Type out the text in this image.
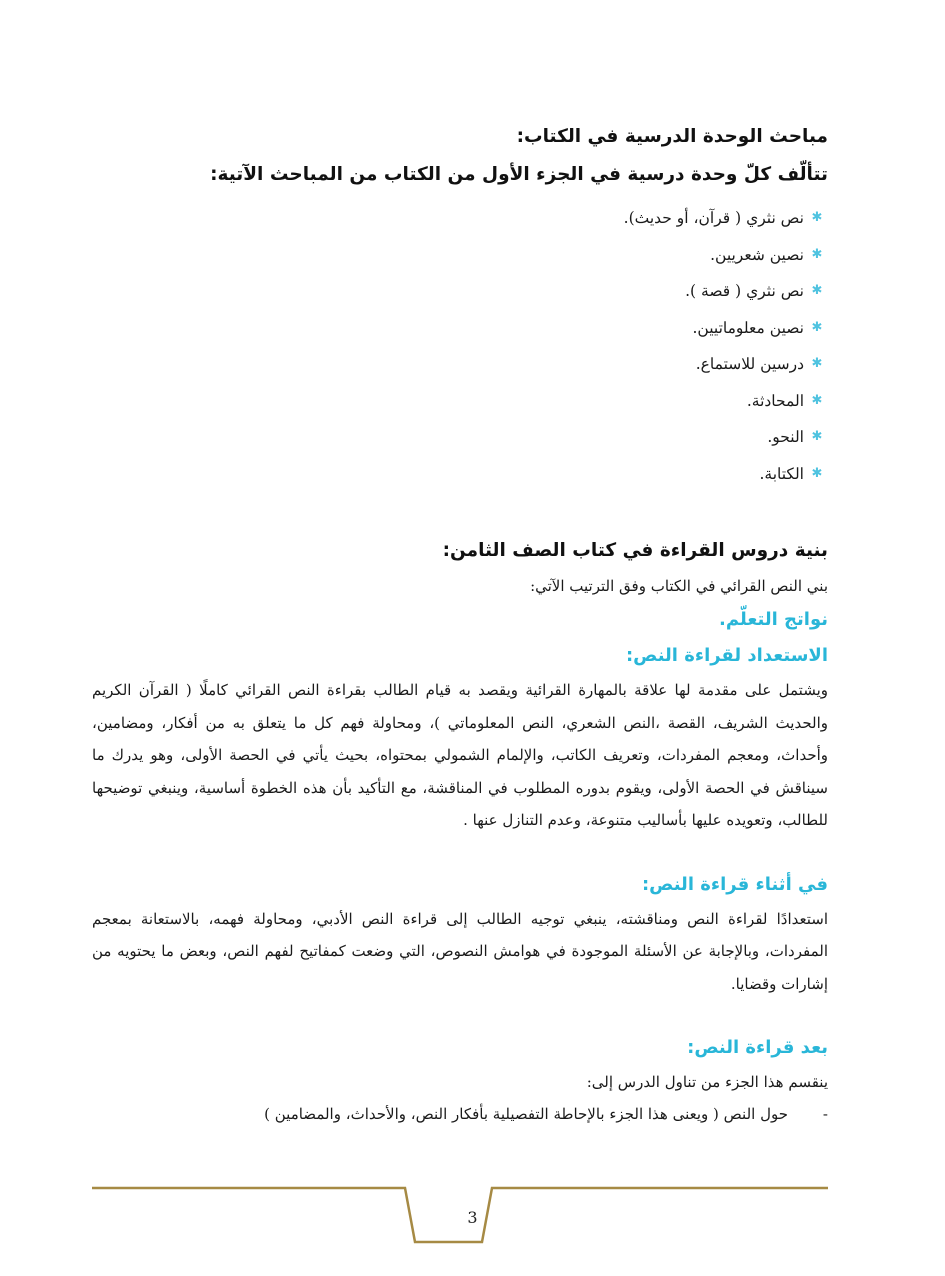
مباحث الوحدة الدرسية في الكتاب:
تتألّف كلّ وحدة درسية في الجزء الأول من الكتاب من المباحث الآتية:
✱
نص نثري ( قرآن، أو حديث).
✱
نصين شعريين.
✱
نص نثري ( قصة ).
✱
نصين معلوماتيين.
✱
درسين للاستماع.
✱
المحادثة.
✱
النحو.
✱
الكتابة.
بنية دروس القراءة في كتاب الصف الثامن:

بني النص القرائي في الكتاب وفق الترتيب الآتي:

نواتج التعلّم.
الاستعداد لقراءة النص:

ويشتمل على مقدمة لها علاقة بالمهارة القرائية ويقصد به قيام الطالب بقراءة النص القرائي كاملًا ( القرآن الكريم والحديث الشريف، القصة ،النص الشعري، النص المعلوماتي )، ومحاولة فهم كل ما يتعلق به من أفكار، ومضامين، وأحداث، ومعجم المفردات، وتعريف الكاتب، والإلمام الشمولي بمحتواه، بحيث يأتي في الحصة الأولى، وهو يدرك ما سيناقش في الحصة الأولى، ويقوم بدوره المطلوب في المناقشة، مع التأكيد بأن هذه الخطوة أساسية، وينبغي توضيحها للطالب، وتعويده عليها بأساليب متنوعة، وعدم التنازل عنها .

في أثناء قراءة النص:

استعدادًا لقراءة النص ومناقشته، ينبغي توجيه الطالب إلى قراءة النص الأدبي، ومحاولة فهمه، بالاستعانة بمعجم المفردات، وبالإجابة عن الأسئلة الموجودة في هوامش النصوص، التي وضعت كمفاتيح لفهم النص، وبعض ما يحتويه من إشارات وقضايا.

بعد قراءة النص:

ينقسم هذا الجزء من تناول الدرس إلى:

-
حول النص ( ويعنى هذا الجزء بالإحاطة التفصيلية بأفكار النص، والأحداث، والمضامين )
3
